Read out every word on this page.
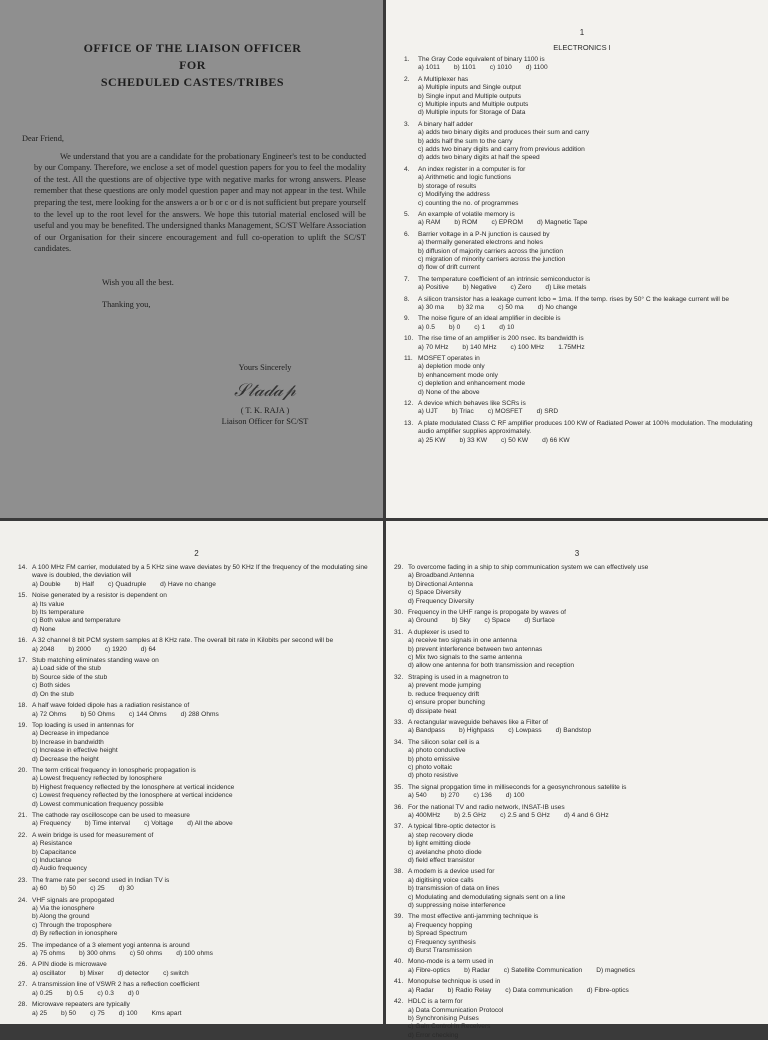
OFFICE OF THE LIAISON OFFICER
FOR
SCHEDULED CASTES/TRIBES
Dear Friend,
We understand that you are a candidate for the probationary Engineer's test to be conducted by our Company. Therefore, we enclose a set of model question papers for you to feel the modality of the test. All the questions are of objective type with negative marks for wrong answers. Please remember that these questions are only model question paper and may not appear in the test. While preparing the test, mere looking for the answers a or b or c or d is not sufficient but prepare yourself to the level up to the root level for the answers. We hope this tutorial material enclosed will be useful and you may be benefited. The undersigned thanks Management, SC/ST Welfare Association of our Organisation for their sincere encouragement and full co-operation to uplift the SC/ST candidates.
Wish you all the best.
Thanking you,
Yours Sincerely
𝒮𝓉𝒶𝒹𝒶𝓅
( T. K. RAJA )
Liaison Officer for SC/ST
1
ELECTRONICS I
1.	The Gray Code equivalent of binary 1100 is
a) 1011 b) 1101 c) 1010 d) 1100
2.	A Multiplexer has
a) Multiple inputs and Single output
b) Single input and Multiple outputs
c) Multiple inputs and Multiple outputs
d) Multiple inputs for Storage of Data
3.	A binary half adder
a) adds two binary digits and produces their sum and carry
b) adds half the sum to the carry
c) adds two binary digits and carry from previous addition
d) adds two binary digits at half the speed
4.	An index register in a computer is for
a) Arithmetic and logic functions
b) storage of results
c) Modifying the address
c) counting the no. of programmes
5.	An example of volatile memory is
a) RAM b) ROM c) EPROM d) Magnetic Tape
6.	Barrier voltage in a P-N junction is caused by
a) thermally generated electrons and holes
b) diffusion of majority carriers across the junction
c) migration of minority carriers across the junction
d) flow of drift current
7.	The temperature coefficient of an intrinsic semiconductor is
a) Positive b) Negative c) Zero d) Like metals
8.	A silicon transistor has a leakage current Icbo = 1ma. If the temp. rises by 50° C the leakage current will be
a) 30 ma b) 32 ma c) 50 ma d) No change
9.	The noise figure of an ideal amplifier in decible is
a) 0.5 b) 0 c) 1 d) 10
10. The rise time of an amplifier is 200 nsec. Its bandwidth is
a) 70 MHz b) 140 MHz c) 100 MHz 1.75MHz
11. MOSFET operates in
a) depletion mode only
b) enhancement mode only
c) depletion and enhancement mode
d) None of the above
12. A device which behaves like SCRs is
a) UJT b) Triac c) MOSFET d) SRD
13. A plate modulated Class C RF amplifier produces 100 KW of Radiated Power at 100% modulation. The modulating audio amplifier supplies approximately.
a) 25 KW b) 33 KW c) 50 KW d) 66 KW
2
14. A 100 MHz FM carrier, modulated by a 5 KHz sine wave deviates by 50 KHz If the frequency of the modulating sine wave is doubled, the deviation will
a) Double b) Half c) Quadruple d) Have no change
15. Noise generated by a resistor is dependent on
a) Its value
b) Its temperature
c) Both value and temperature
d) None
16. A 32 channel 8 bit PCM system samples at 8 KHz rate. The overall bit rate in Kilobits per second will be
a) 2048 b) 2000 c) 1920 d) 64
17. Stub matching eliminates standing wave on
a) Load side of the stub
b) Source side of the stub
c) Both sides
d) On the stub
18. A half wave folded dipole has a radiation resistance of
a) 72 Ohms b) 50 Ohms c) 144 Ohms d) 288 Ohms
19. Top loading is used in antennas for
a) Decrease in impedance
b) Increase in bandwidth
c) Increase in effective height
d) Decrease the height
20. The term critical frequency in Ionospheric propagation is
a) Lowest frequency reflected by Ionosphere
b) Highest frequency reflected by the Ionosphere at vertical incidence
c) Lowest frequency reflected by the Ionosphere at vertical incidence
d) Lowest communication frequency possible
21. The cathode ray oscilloscope can be used to measure
a) Frequency b) Time interval c) Voltage d) All the above
22. A wein bridge is used for measurement of
a) Resistance
b) Capacitance
c) Inductance
d) Audio frequency
23. The frame rate per second used in Indian TV is
a) 60 b) 50 c) 25 d) 30
24. VHF signals are propogated
a) Via the ionosphere
b) Along the ground
c) Through the troposphere
d) By reflection in ionosphere
25. The impedance of a 3 element yogi antenna is around
a) 75 ohms b) 300 ohms c) 50 ohms d) 100 ohms
26. A PIN diode is microwave
a) oscillator b) Mixer d) detector c) switch
27. A transmission line of VSWR 2 has a reflection coefficient
a) 0.25 b) 0.5 c) 0.3 d) 0
28. Microwave repeaters are typically
a) 25 b) 50 c) 75 d) 100 Kms apart
3
29. To overcome fading in a ship to ship communication system we can effectively use
a) Broadband Antenna
b) Directional Antenna
c) Space Diversity
d) Frequency Diversity
30. Frequency in the UHF range is propogate by waves of
a) Ground b) Sky c) Space d) Surface
31. A duplexer is used to
a) receive two signals in one antenna
b) prevent interference between two antennas
c) Mix two signals to the same antenna
d) allow one antenna for both transmission and reception
32. Straping is used in a magnetron to
a) prevent mode jumping
b. reduce frequency drift
c) ensure proper bunching
d) dissipate heat
33. A rectangular waveguide behaves like a Filter of
a) Bandpass b) Highpass c) Lowpass d) Bandstop
34. The silicon solar cell is a
a) photo conductive
b) photo emissive
c) photo voltaic
d) photo resistive
35. The signal propgation time in milliseconds for a geosynchronous satellite is
a) 540 b) 270 c) 136 d) 100
36. For the national TV and radio network, INSAT-IB uses
a) 400MHz b) 2.5 GHz c) 2.5 and 5 GHz d) 4 and 6 GHz
37. A typical fibre-optic detector is
a) step recovery diode
b) light emitting diode
c) avelanche photo diode
d) field effect transistor
38. A modem is a device used for
a) digitising voice calls
b) transmission of data on lines
c) Modulating and demodulating signals sent on a line
d) suppressing noise interference
39. The most effective anti-jamming technique is
a) Frequency hopping
b) Spread Spectrum
c) Frequency synthesis
d) Burst Transmission
40. Mono-mode is a term used in
a) Fibre-optics b) Radar c) Satellite Communication D) magnetics
41. Monopulse technique is used in
a) Radar b) Radio Relay c) Data communication d) Fibre-optics
42. HDLC is a term for
a) Data Communication Protocol
b) Synchronising Pulses
c) Gain Control in Receivers
d) Error checking
